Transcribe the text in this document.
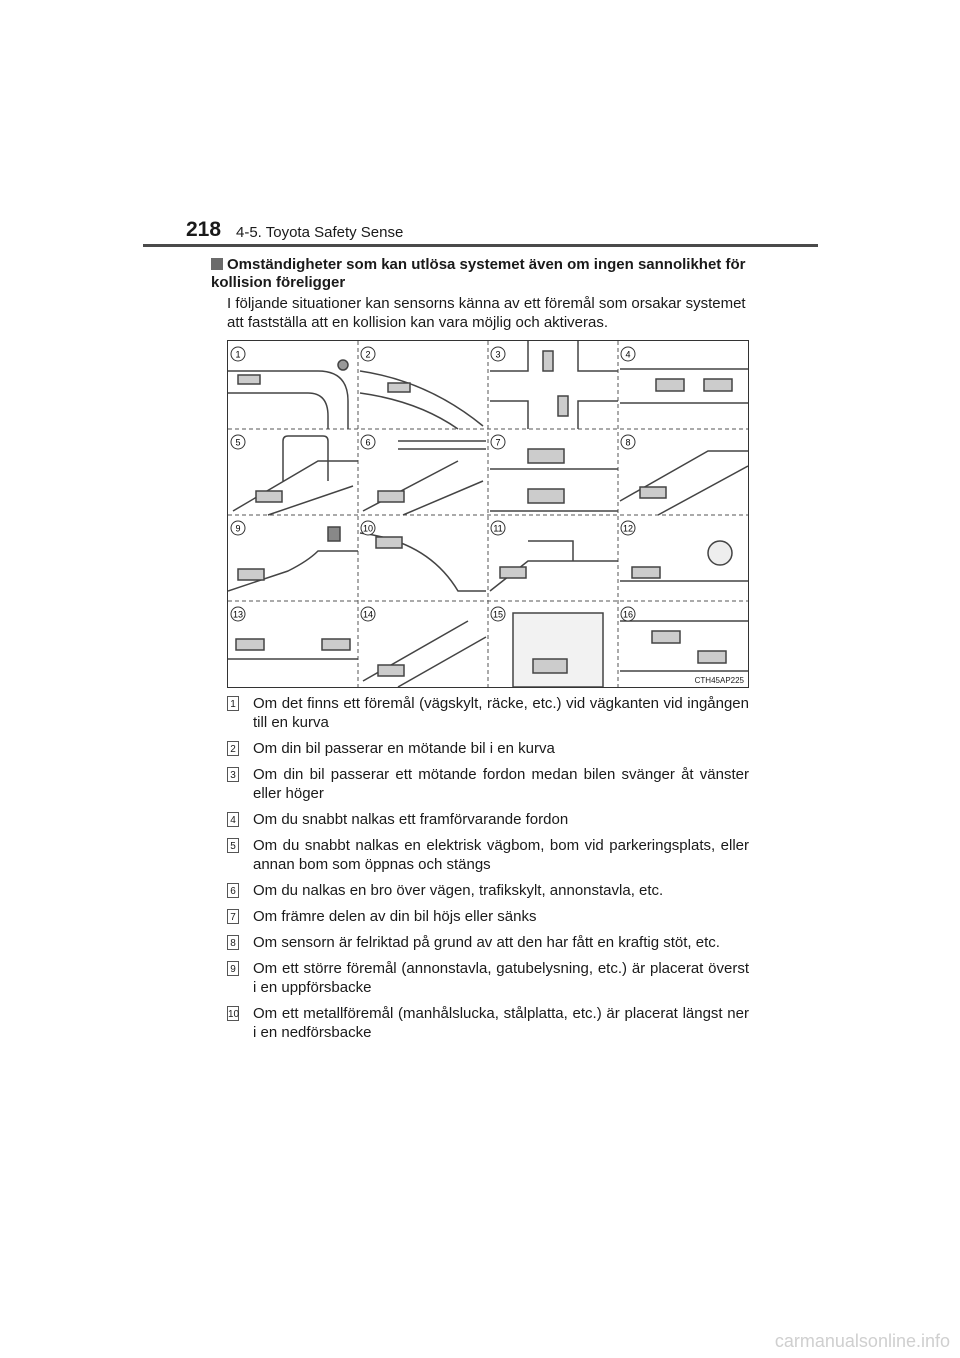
218 4-5. Toyota Safety Sense
Omständigheter som kan utlösa systemet även om ingen sannolikhet för kollision föreligger
I följande situationer kan sensorns känna av ett föremål som orsakar systemet att fastställa att en kollision kan vara möjlig och aktiveras.
1	2	3	4
5	6	7	8
9	10	11	12
13	14	15	16
CTH45AP225
1 Om det finns ett föremål (vägskylt, räcke, etc.) vid vägkanten vid ingången till en kurva
2 Om din bil passerar en mötande bil i en kurva
3 Om din bil passerar ett mötande fordon medan bilen svänger åt vänster eller höger
4 Om du snabbt nalkas ett framförvarande fordon
5 Om du snabbt nalkas en elektrisk vägbom, bom vid parkeringsplats, eller annan bom som öppnas och stängs
6 Om du nalkas en bro över vägen, trafikskylt, annonstavla, etc.
7 Om främre delen av din bil höjs eller sänks
8 Om sensorn är felriktad på grund av att den har fått en kraftig stöt, etc.
9 Om ett större föremål (annonstavla, gatubelysning, etc.) är placerat överst i en uppförsbacke
10 Om ett metallföremål (manhålslucka, stålplatta, etc.) är placerat längst ner i en nedförsbacke
carmanualsonline.info
